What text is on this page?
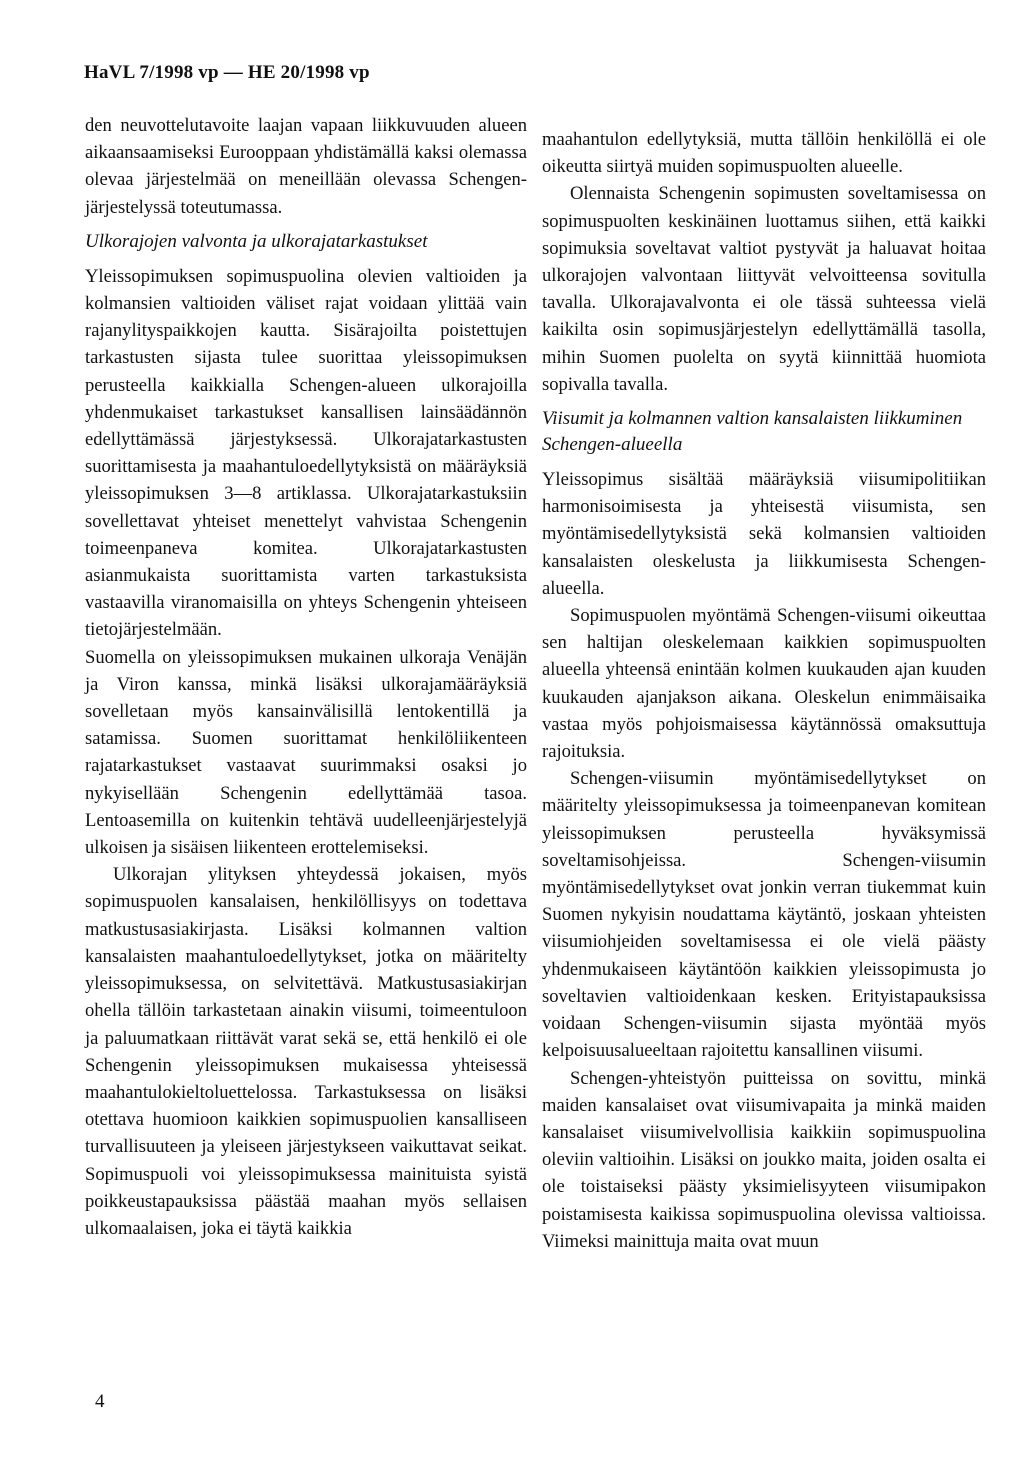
HaVL 7/1998 vp — HE 20/1998 vp

den neuvottelutavoite laajan vapaan liikkuvuuden alueen aikaansaamiseksi Eurooppaan yhdistämällä kaksi olemassa olevaa järjestelmää on meneillään olevassa Schengen-järjestelyssä toteutumassa.

Ulkorajojen valvonta ja ulkorajatarkastukset

Yleissopimuksen sopimuspuolina olevien valtioiden ja kolmansien valtioiden väliset rajat voidaan ylittää vain rajanylityspaikkojen kautta. Sisärajoilta poistettujen tarkastusten sijasta tulee suorittaa yleissopimuksen perusteella kaikkialla Schengen-alueen ulkorajoilla yhdenmukaiset tarkastukset kansallisen lainsäädännön edellyttämässä järjestyksessä. Ulkorajatarkastusten suorittamisesta ja maahantuloedellytyksistä on määräyksiä yleissopimuksen 3—8 artiklassa. Ulkorajatarkastuksiin sovellettavat yhteiset menettelyt vahvistaa Schengenin toimeenpaneva komitea. Ulkorajatarkastusten asianmukaista suorittamista varten tarkastuksista vastaavilla viranomaisilla on yhteys Schengenin yhteiseen tietojärjestelmään.

Suomella on yleissopimuksen mukainen ulkoraja Venäjän ja Viron kanssa, minkä lisäksi ulkorajamääräyksiä sovelletaan myös kansainvälisillä lentokentillä ja satamissa. Suomen suorittamat henkilöliikenteen rajatarkastukset vastaavat suurimmaksi osaksi jo nykyisellään Schengenin edellyttämää tasoa. Lentoasemilla on kuitenkin tehtävä uudelleenjärjestelyjä ulkoisen ja sisäisen liikenteen erottelemiseksi.

Ulkorajan ylityksen yhteydessä jokaisen, myös sopimuspuolen kansalaisen, henkilöllisyys on todettava matkustusasiakirjasta. Lisäksi kolmannen valtion kansalaisten maahantuloedellytykset, jotka on määritelty yleissopimuksessa, on selvitettävä. Matkustusasiakirjan ohella tällöin tarkastetaan ainakin viisumi, toimeentuloon ja paluumatkaan riittävät varat sekä se, että henkilö ei ole Schengenin yleissopimuksen mukaisessa yhteisessä maahantulokieltoluettelossa. Tarkastuksessa on lisäksi otettava huomioon kaikkien sopimuspuolien kansalliseen turvallisuuteen ja yleiseen järjestykseen vaikuttavat seikat. Sopimuspuoli voi yleissopimuksessa mainituista syistä poikkeustapauksissa päästää maahan myös sellaisen ulkomaalaisen, joka ei täytä kaikkia

maahantulon edellytyksiä, mutta tällöin henkilöllä ei ole oikeutta siirtyä muiden sopimuspuolten alueelle.

Olennaista Schengenin sopimusten soveltamisessa on sopimuspuolten keskinäinen luottamus siihen, että kaikki sopimuksia soveltavat valtiot pystyvät ja haluavat hoitaa ulkorajojen valvontaan liittyvät velvoitteensa sovitulla tavalla. Ulkorajavalvonta ei ole tässä suhteessa vielä kaikilta osin sopimusjärjestelyn edellyttämällä tasolla, mihin Suomen puolelta on syytä kiinnittää huomiota sopivalla tavalla.

Viisumit ja kolmannen valtion kansalaisten liikkuminen Schengen-alueella

Yleissopimus sisältää määräyksiä viisumipolitiikan harmonisoimisesta ja yhteisestä viisumista, sen myöntämisedellytyksistä sekä kolmansien valtioiden kansalaisten oleskelusta ja liikkumisesta Schengen-alueella.

Sopimuspuolen myöntämä Schengen-viisumi oikeuttaa sen haltijan oleskelemaan kaikkien sopimuspuolten alueella yhteensä enintään kolmen kuukauden ajan kuuden kuukauden ajanjakson aikana. Oleskelun enimmäisaika vastaa myös pohjoismaisessa käytännössä omaksuttuja rajoituksia.

Schengen-viisumin myöntämisedellytykset on määritelty yleissopimuksessa ja toimeenpanevan komitean yleissopimuksen perusteella hyväksymissä soveltamisohjeissa. Schengen-viisumin myöntämisedellytykset ovat jonkin verran tiukemmat kuin Suomen nykyisin noudattama käytäntö, joskaan yhteisten viisumiohjeiden soveltamisessa ei ole vielä päästy yhdenmukaiseen käytäntöön kaikkien yleissopimusta jo soveltavien valtioidenkaan kesken. Erityistapauksissa voidaan Schengen-viisumin sijasta myöntää myös kelpoisuusalueeltaan rajoitettu kansallinen viisumi.

Schengen-yhteistyön puitteissa on sovittu, minkä maiden kansalaiset ovat viisumivapaita ja minkä maiden kansalaiset viisumivelvollisia kaikkiin sopimuspuolina oleviin valtioihin. Lisäksi on joukko maita, joiden osalta ei ole toistaiseksi päästy yksimielisyyteen viisumipakon poistamisesta kaikissa sopimuspuolina olevissa valtioissa. Viimeksi mainittuja maita ovat muun

4
